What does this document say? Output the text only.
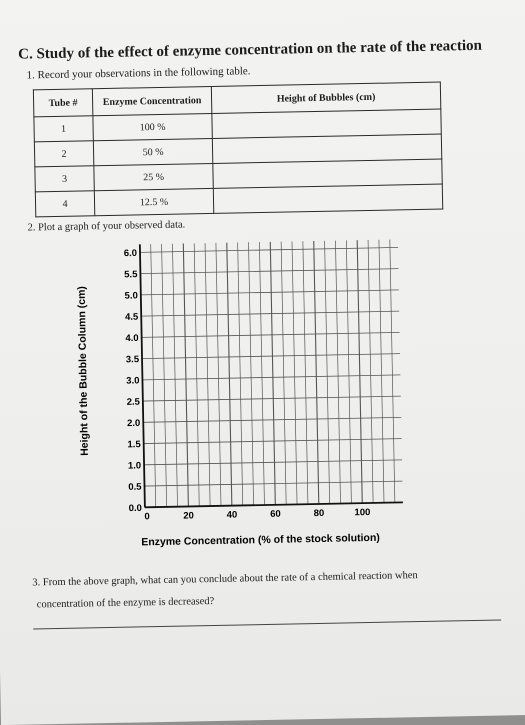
C. Study of the effect of enzyme concentration on the rate of the reaction
1. Record your observations in the following table.
Tube #	Enzyme Concentration	Height of Bubbles (cm)
1	100 %	
2	50 %	
3	25 %	
4	12.5 %	
2. Plot a graph of your observed data.
0.0
0.5
1.0
1.5
2.0
2.5
3.0
3.5
4.0
4.5
5.0
5.5
6.0
0	20	40	60	80	100
Height of the Bubble Column (cm)
Enzyme Concentration (% of the stock solution)
3. From the above graph, what can you conclude about the rate of a chemical reaction when
concentration of the enzyme is decreased?
